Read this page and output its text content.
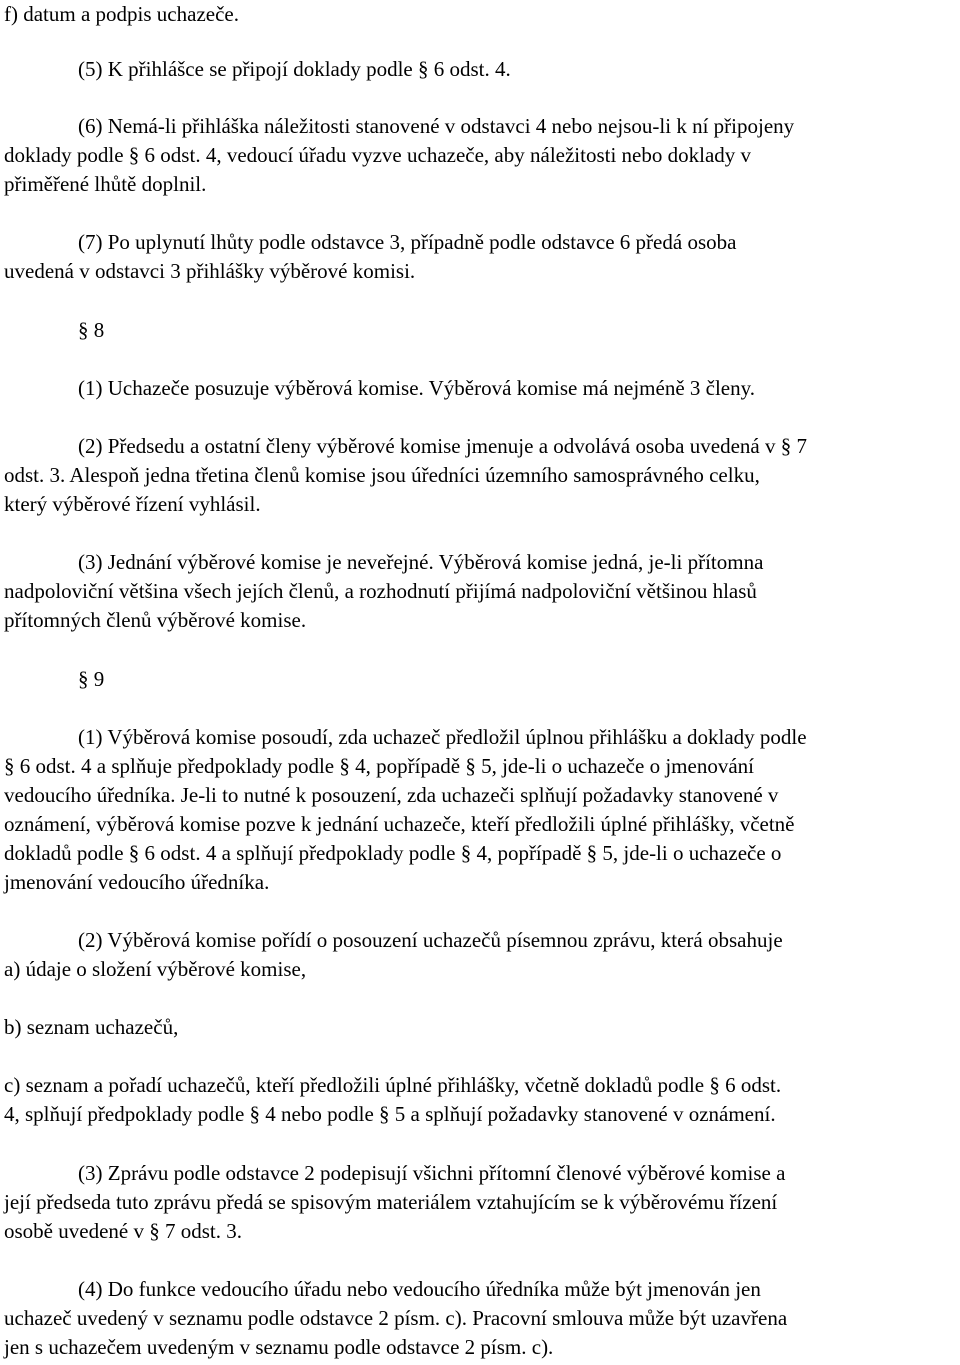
f) datum a podpis uchazeče.
(5) K přihlášce se připojí doklady podle § 6 odst. 4.
(6) Nemá-li přihláška náležitosti stanovené v odstavci 4 nebo nejsou-li k ní připojeny
doklady podle § 6 odst. 4, vedoucí úřadu vyzve uchazeče, aby náležitosti nebo doklady v
přiměřené lhůtě doplnil.
(7) Po uplynutí lhůty podle odstavce 3, případně podle odstavce 6 předá osoba
uvedená v odstavci 3 přihlášky výběrové komisi.
§ 8
(1) Uchazeče posuzuje výběrová komise. Výběrová komise má nejméně 3 členy.
(2) Předsedu a ostatní členy výběrové komise jmenuje a odvolává osoba uvedená v § 7
odst. 3. Alespoň jedna třetina členů komise jsou úředníci územního samosprávného celku,
který výběrové řízení vyhlásil.
(3) Jednání výběrové komise je neveřejné. Výběrová komise jedná, je-li přítomna
nadpoloviční většina všech jejích členů, a rozhodnutí přijímá nadpoloviční většinou hlasů
přítomných členů výběrové komise.
§ 9
(1) Výběrová komise posoudí, zda uchazeč předložil úplnou přihlášku a doklady podle
§ 6 odst. 4 a splňuje předpoklady podle § 4, popřípadě § 5, jde-li o uchazeče o jmenování
vedoucího úředníka. Je-li to nutné k posouzení, zda uchazeči splňují požadavky stanovené v
oznámení, výběrová komise pozve k jednání uchazeče, kteří předložili úplné přihlášky, včetně
dokladů podle § 6 odst. 4 a splňují předpoklady podle § 4, popřípadě § 5, jde-li o uchazeče o
jmenování vedoucího úředníka.
(2) Výběrová komise pořídí o posouzení uchazečů písemnou zprávu, která obsahuje
a) údaje o složení výběrové komise,
b) seznam uchazečů,
c) seznam a pořadí uchazečů, kteří předložili úplné přihlášky, včetně dokladů podle § 6 odst.
4, splňují předpoklady podle § 4 nebo podle § 5 a splňují požadavky stanovené v oznámení.
(3) Zprávu podle odstavce 2 podepisují všichni přítomní členové výběrové komise a
její předseda tuto zprávu předá se spisovým materiálem vztahujícím se k výběrovému řízení
osobě uvedené v § 7 odst. 3.
(4) Do funkce vedoucího úřadu nebo vedoucího úředníka může být jmenován jen
uchazeč uvedený v seznamu podle odstavce 2 písm. c). Pracovní smlouva může být uzavřena
jen s uchazečem uvedeným v seznamu podle odstavce 2 písm. c).
